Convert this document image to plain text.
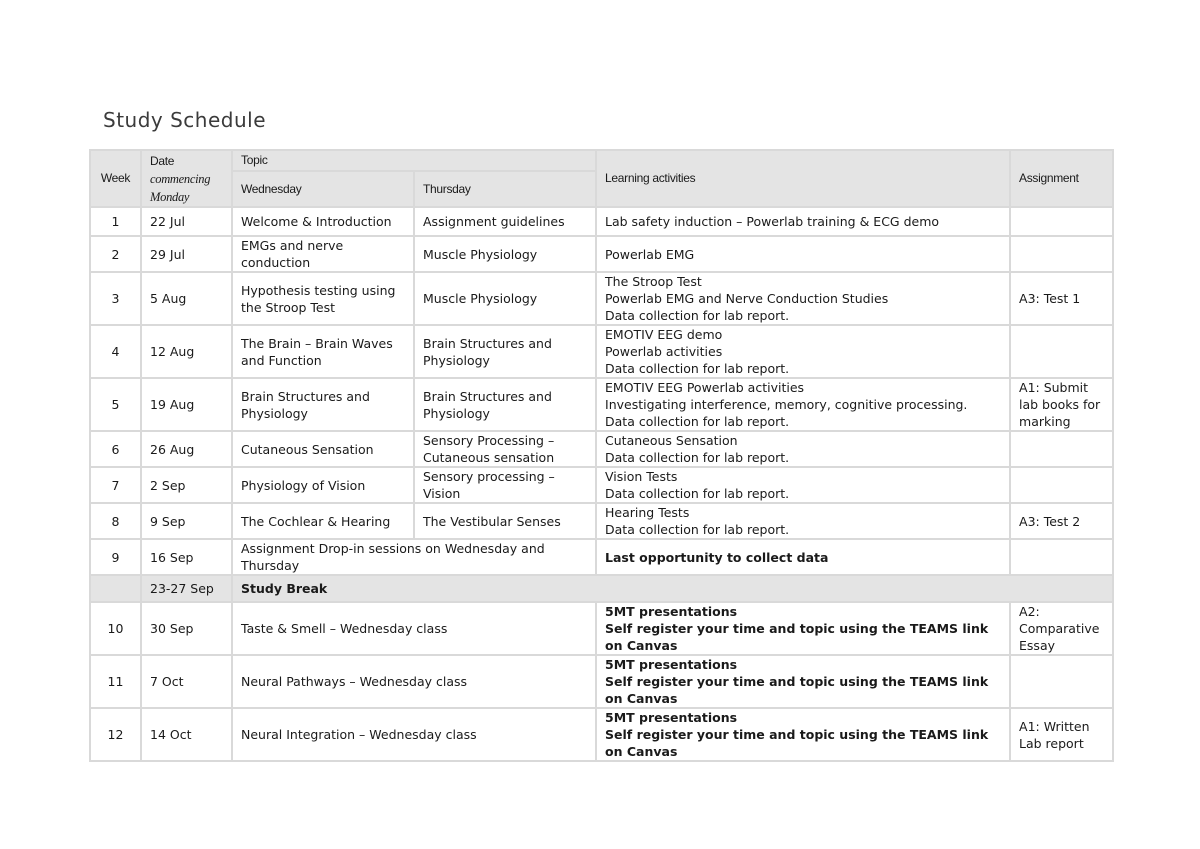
Study Schedule
Week	Date
commencing Monday	Topic		Learning activities	Assignment
		Wednesday	Thursday		
1	22 Jul	Welcome & Introduction	Assignment guidelines	Lab safety induction – Powerlab training & ECG demo	

2	29 Jul	EMGs and nerve conduction	Muscle Physiology	Powerlab EMG	

3	5 Aug	Hypothesis testing using the Stroop Test	Muscle Physiology	The Stroop Test
Powerlab EMG and Nerve Conduction Studies
Data collection for lab report.	A3: Test 1
4	12 Aug	The Brain – Brain Waves and Function	Brain Structures and Physiology	EMOTIV EEG demo
Powerlab activities
Data collection for lab report.	

5	19 Aug	Brain Structures and Physiology	Brain Structures and Physiology	EMOTIV EEG Powerlab activities
Investigating interference, memory, cognitive processing.
Data collection for lab report.	A1: Submit lab books for marking
6	26 Aug	Cutaneous Sensation	Sensory Processing – Cutaneous sensation	Cutaneous Sensation
Data collection for lab report.	

7	2 Sep	Physiology of Vision	Sensory processing – Vision	Vision Tests
Data collection for lab report.	

8	9 Sep	The Cochlear & Hearing	The Vestibular Senses	Hearing Tests
Data collection for lab report.	A3: Test 2
9	16 Sep	Assignment Drop-in sessions on Wednesday and Thursday		Last opportunity to collect data	
	23-27 Sep	Study Break			
10	30 Sep	Taste & Smell – Wednesday class		5MT presentations
Self register your time and topic using the TEAMS link on Canvas	A2: Comparative Essay
11	7 Oct	Neural Pathways – Wednesday class		5MT presentations
Self register your time and topic using the TEAMS link on Canvas	

12	14 Oct	Neural Integration – Wednesday class		5MT presentations
Self register your time and topic using the TEAMS link on Canvas	A1: Written Lab report
